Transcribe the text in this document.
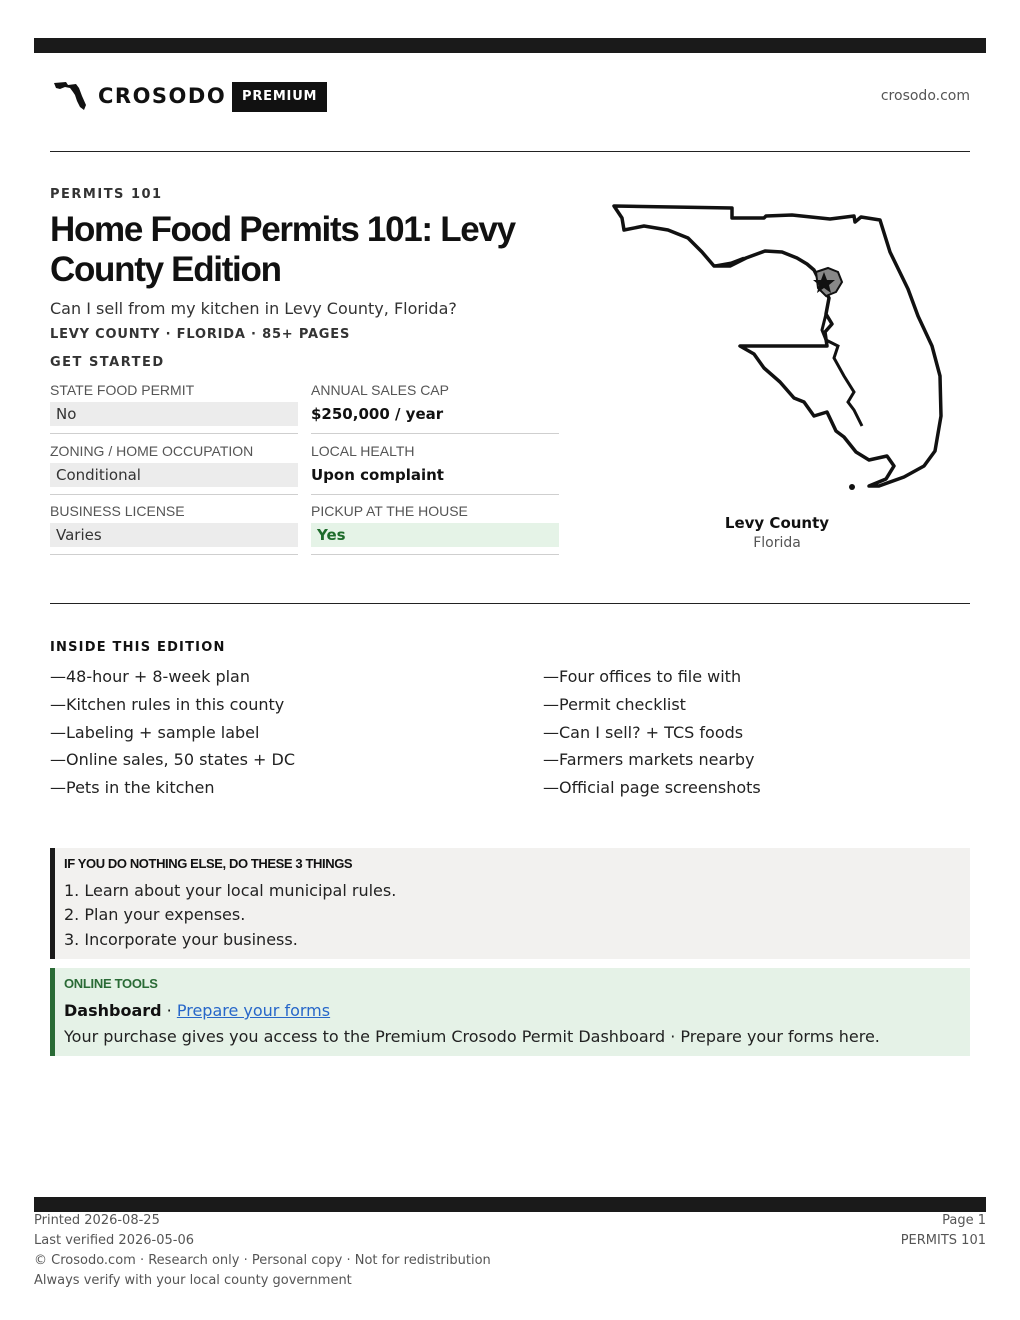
CROSODO	PREMIUM	crosodo.com
PERMITS 101
Home Food Permits 101: Levy County Edition
Can I sell from my kitchen in Levy County, Florida?
LEVY COUNTY · FLORIDA · 85+ PAGES
GET STARTED
STATE FOOD PERMIT
No
ANNUAL SALES CAP
$250,000 / year
ZONING / HOME OCCUPATION
Conditional
LOCAL HEALTH
Upon complaint
BUSINESS LICENSE
Varies
PICKUP AT THE HOUSE
Yes
Levy County
Florida
INSIDE THIS EDITION
—48-hour + 8-week plan
—Kitchen rules in this county
—Labeling + sample label
—Online sales, 50 states + DC
—Pets in the kitchen
—Four offices to file with
—Permit checklist
—Can I sell? + TCS foods
—Farmers markets nearby
—Official page screenshots
IF YOU DO NOTHING ELSE, DO THESE 3 THINGS
1. Learn about your local municipal rules.
2. Plan your expenses.
3. Incorporate your business.
ONLINE TOOLS
Dashboard · Prepare your forms
Your purchase gives you access to the Premium Crosodo Permit Dashboard · Prepare your forms here.
Printed 2026-08-25
Last verified 2026-05-06
© Crosodo.com · Research only · Personal copy · Not for redistribution
Always verify with your local county government
Page 1
PERMITS 101
